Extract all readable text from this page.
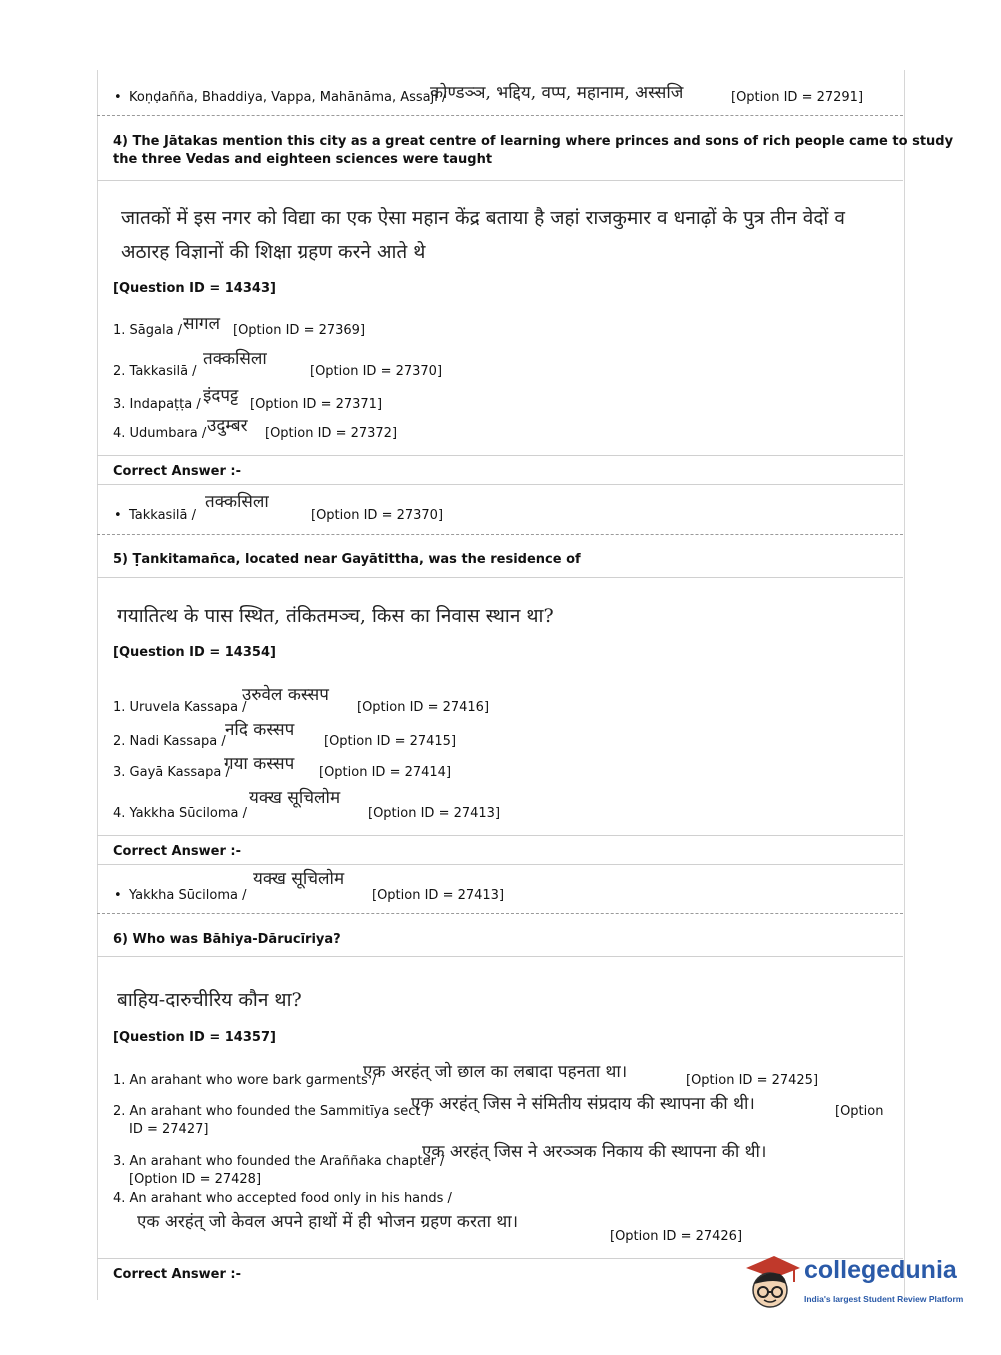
• Koṇḍañña, Bhaddiya, Vappa, Mahānāma, Assaji /
कोण्डञ्ञ, भद्दिय, वप्प, महानाम, अस्सजि	[Option ID = 27291]
4) The Jātakas mention this city as a great centre of learning where princes and sons of rich people came to study
the three Vedas and eighteen sciences were taught
जातकों में इस नगर को विद्या का एक ऐसा महान केंद्र बताया है जहां राजकुमार व धनाढ़ों के पुत्र तीन वेदों व
अठारह विज्ञानों की शिक्षा ग्रहण करने आते थे
[Question ID = 14343]
1. Sāgala / सागल [Option ID = 27369]
2. Takkasilā /
तक्कसिला
[Option ID = 27370]
3. Indapaṭṭa / इंदपट्ट [Option ID = 27371]
4. Udumbara / उदुम्बर [Option ID = 27372]
Correct Answer :-
• Takkasilā /
तक्कसिला
[Option ID = 27370]
5) Ṭankitamañca, located near Gayātittha, was the residence of
गयातित्थ के पास स्थित, तंकितमञ्च, किस का निवास स्थान था?
[Question ID = 14354]
1. Uruvela Kassapa /
उरुवेल कस्सप
[Option ID = 27416]
2. Nadi Kassapa /
नदि कस्सप
[Option ID = 27415]
3. Gayā Kassapa /
गया कस्सप [Option ID = 27414]
4. Yakkha Sūciloma /
यक्ख सूचिलोम
[Option ID = 27413]
Correct Answer :-
• Yakkha Sūciloma /
यक्ख सूचिलोम
[Option ID = 27413]
6) Who was Bāhiya-Dārucīriya?
बाहिय-दारुचीरिय कौन था?
[Question ID = 14357]
1. An arahant who wore bark garments /
एक अरहंत् जो छाल का लबादा पहनता था।	[Option ID = 27425]
2. An arahant who founded the Sammitīya sect /
एक अरहंत् जिस ने संमितीय संप्रदाय की स्थापना की थी।	[Option
ID = 27427]
3. An arahant who founded the Araññaka chapter /
एक अरहंत् जिस ने अरञ्ञक निकाय की स्थापना की थी।
[Option ID = 27428]
4. An arahant who accepted food only in his hands /
एक अरहंत् जो केवल अपने हाथों में ही भोजन ग्रहण करता था।
[Option ID = 27426]
Correct Answer :-	collegedunia
India's largest Student Review Platform
